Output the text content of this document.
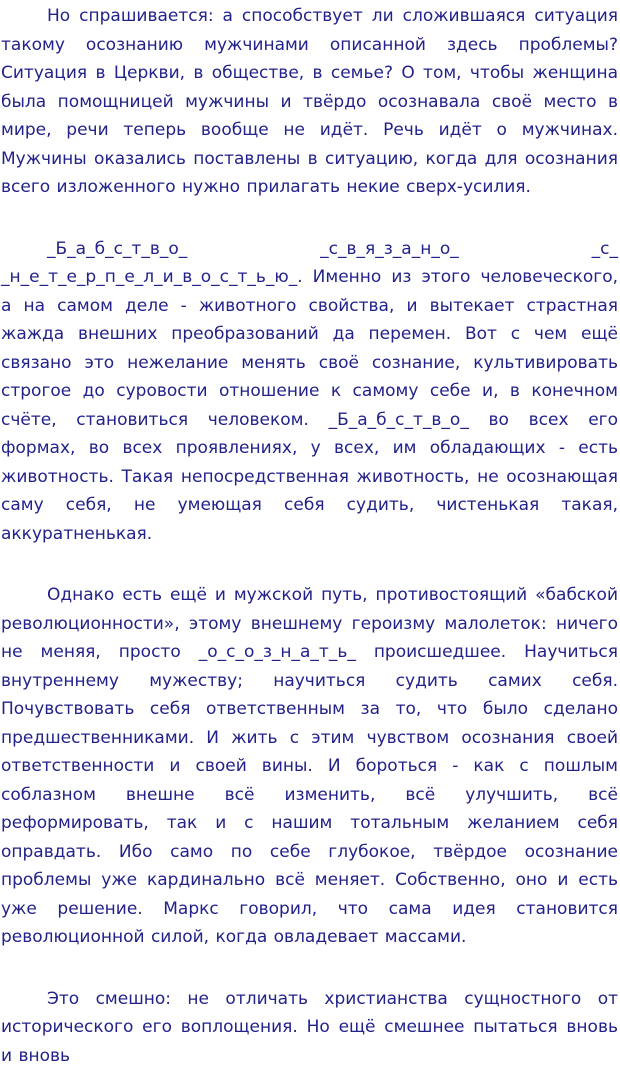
Но спрашивается: а способствует ли сложившаяся ситуация такому осознанию мужчинами описанной здесь проблемы? Ситуация в Церкви, в обществе, в семье? О том, чтобы женщина была помощницей мужчины и твёрдо осознавала своё место в мире, речи теперь вообще не идёт. Речь идёт о мужчинах. Мужчины оказались поставлены в ситуацию, когда для осознания всего изложенного нужно прилагать некие сверх-усилия.

_Б_а_б_с_т_в_о_ _с_в_я_з_а_н_о_ _с_ _н_е_т_е_р_п_е_л_и_в_о_с_т_ь_ю_. Именно из этого человеческого, а на самом деле - животного свойства, и вытекает страстная жажда внешних преобразований да перемен. Вот с чем ещё связано это нежелание менять своё сознание, культивировать строгое до суровости отношение к самому себе и, в конечном счёте, становиться человеком. _Б_а_б_с_т_в_о_ во всех его формах, во всех проявлениях, у всех, им обладающих - есть животность. Такая непосредственная животность, не осознающая саму себя, не умеющая себя судить, чистенькая такая, аккуратненькая.

Однако есть ещё и мужской путь, противостоящий «бабской революционности», этому внешнему героизму малолеток: ничего не меняя, просто _о_с_о_з_н_а_т_ь_ происшедшее. Научиться внутреннему мужеству; научиться судить самих себя. Почувствовать себя ответственным за то, что было сделано предшественниками. И жить с этим чувством осознания своей ответственности и своей вины. И бороться - как с пошлым соблазном внешне всё изменить, всё улучшить, всё реформировать, так и с нашим тотальным желанием себя оправдать. Ибо само по себе глубокое, твёрдое осознание проблемы уже кардинально всё меняет. Собственно, оно и есть уже решение. Маркс говорил, что сама идея становится революционной силой, когда овладевает массами.

Это смешно: не отличать христианства сущностного от исторического его воплощения. Но ещё смешнее пытаться вновь и вновь
